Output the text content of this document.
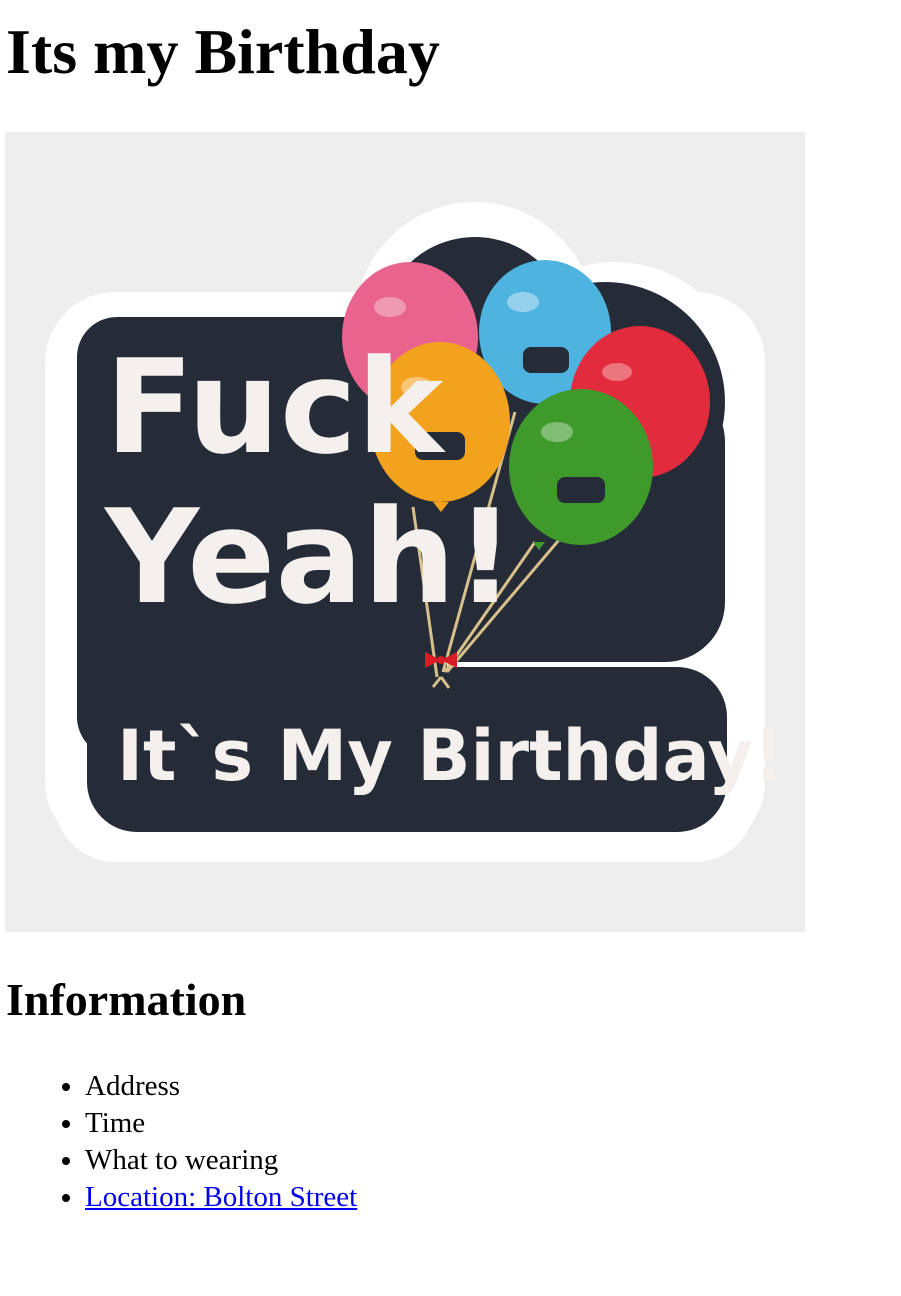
Its my Birthday
Fuck
Yeah!
It`s My Birthday!
Information
• Address
• Time
• What to wearing
• Location: Bolton Street
